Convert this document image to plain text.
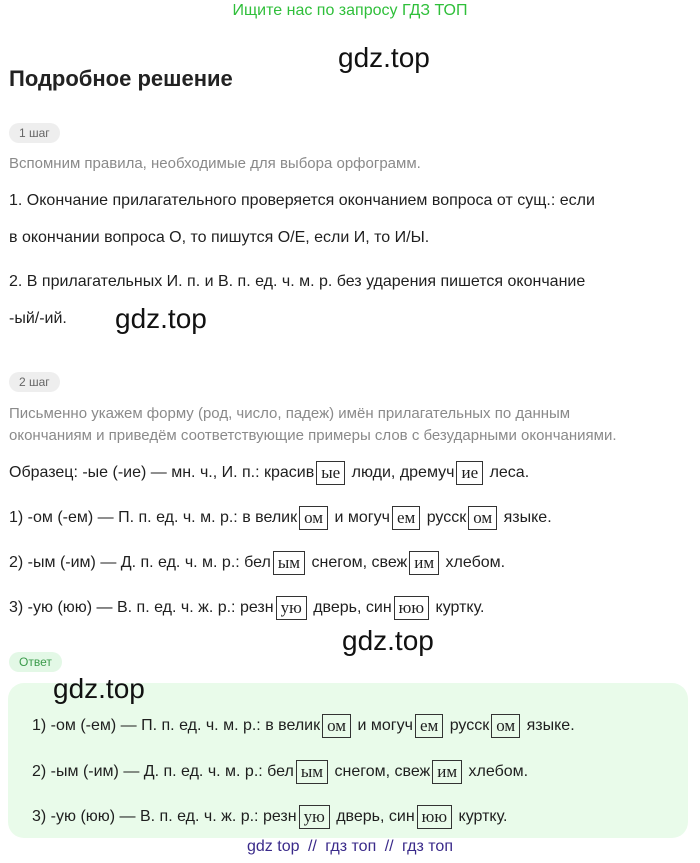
Ищите нас по запросу ГДЗ ТОП
gdz.top
Подробное решение
1 шаг
Вспомним правила, необходимые для выбора орфограмм.
1. Окончание прилагательного проверяется окончанием вопроса от сущ.: если
в окончании вопроса О, то пишутся О/Е, если И, то И/Ы.
2. В прилагательных И. п. и В. п. ед. ч. м. р. без ударения пишется окончание
-ый/-ий. gdz.top
2 шаг
Письменно укажем форму (род, число, падеж) имён прилагательных по данным
окончаниям и приведём соответствующие примеры слов с безударными окончаниями.
Образец: -ые (-ие) — мн. ч., И. п.: красив ые люди, дремуч ие леса.
1) -ом (-ем) — П. п. ед. ч. м. р.: в велик ом и могуч ем русск ом языке.
2) -ым (-им) — Д. п. ед. ч. м. р.: бел ым снегом, свеж им хлебом.
3) -ую (юю) — В. п. ед. ч. ж. р.: резн ую дверь, син юю куртку.
gdz.top
Ответ
gdz.top
1) -ом (-ем) — П. п. ед. ч. м. р.: в велик ом и могуч ем русск ом языке.
2) -ым (-им) — Д. п. ед. ч. м. р.: бел ым снегом, свеж им хлебом.
3) -ую (юю) — В. п. ед. ч. ж. р.: резн ую дверь, син юю куртку.
gdz top // гдз топ // гдз топ
